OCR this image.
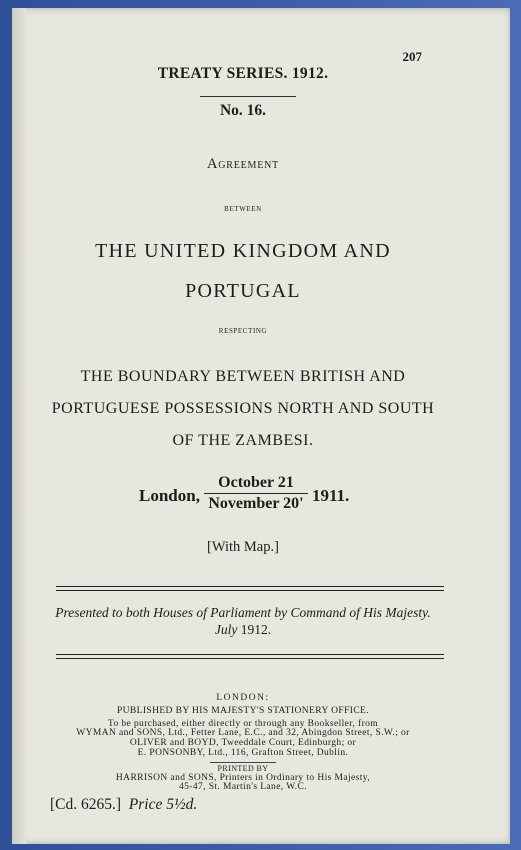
207
TREATY SERIES. 1912.
No. 16.
Agreement
between
THE UNITED KINGDOM AND
PORTUGAL
respecting
THE BOUNDARY BETWEEN BRITISH AND
PORTUGUESE POSSESSIONS NORTH AND SOUTH
OF THE ZAMBESI.
London,
October 21
November 20' 1911.
[With Map.]
Presented to both Houses of Parliament by Command of His Majesty.
July 1912.
LONDON:
PUBLISHED BY HIS MAJESTY'S STATIONERY OFFICE.
To be purchased, either directly or through any Bookseller, from
WYMAN and SONS, Ltd., Fetter Lane, E.C., and 32, Abingdon Street, S.W.; or
OLIVER and BOYD, Tweeddale Court, Edinburgh; or
E. PONSONBY, Ltd., 116, Grafton Street, Dublin.
PRINTED BY
HARRISON and SONS, Printers in Ordinary to His Majesty,
45-47, St. Martin's Lane, W.C.
[Cd. 6265.] Price 5½d.
